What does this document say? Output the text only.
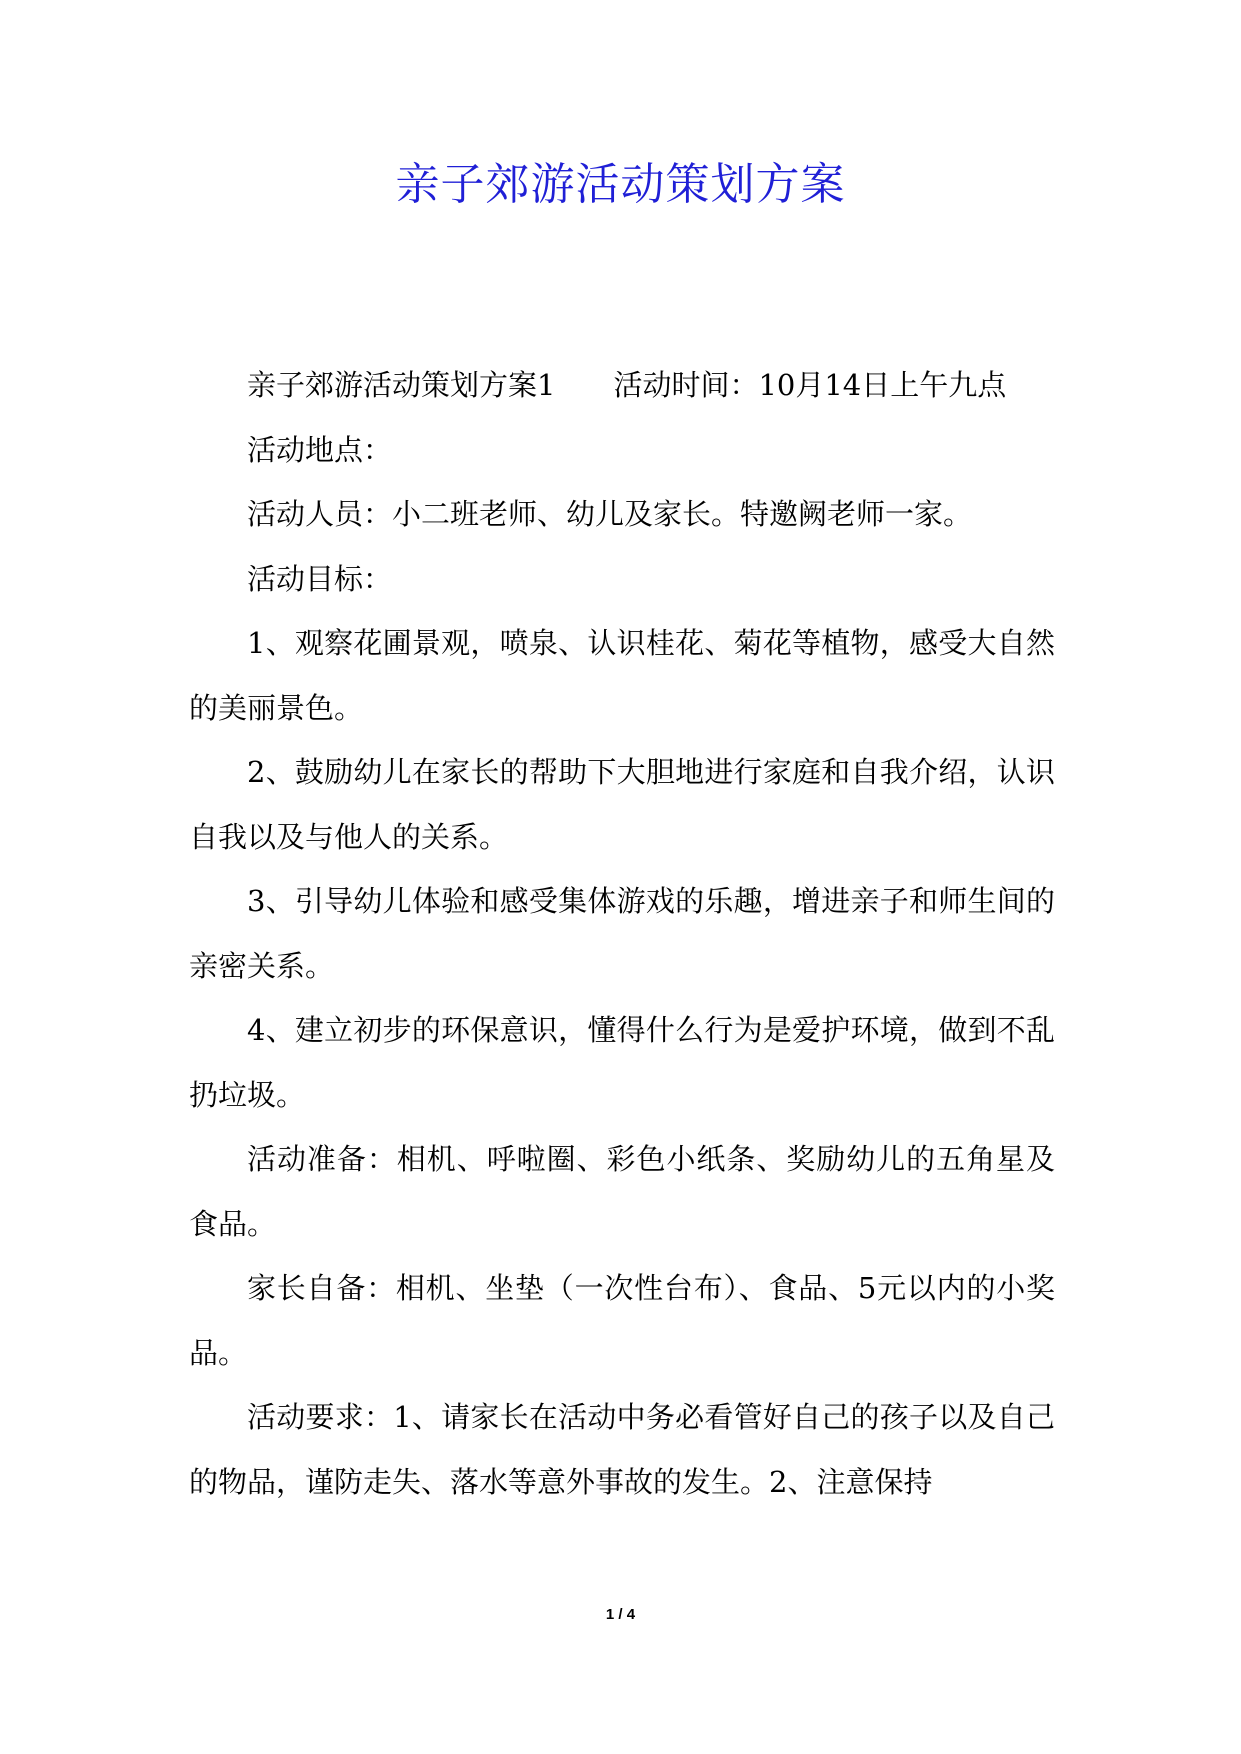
亲子郊游活动策划方案

亲子郊游活动策划方案1　　活动时间：10月14日上午九点

活动地点：

活动人员：小二班老师、幼儿及家长。特邀阙老师一家。

活动目标：

1、观察花圃景观，喷泉、认识桂花、菊花等植物，感受大自然的美丽景色。

2、鼓励幼儿在家长的帮助下大胆地进行家庭和自我介绍，认识自我以及与他人的关系。

3、引导幼儿体验和感受集体游戏的乐趣，增进亲子和师生间的亲密关系。

4、建立初步的环保意识，懂得什么行为是爱护环境，做到不乱扔垃圾。

活动准备：相机、呼啦圈、彩色小纸条、奖励幼儿的五角星及食品。

家长自备：相机、坐垫（一次性台布）、食品、5元以内的小奖品。

活动要求：1、请家长在活动中务必看管好自己的孩子以及自己的物品，谨防走失、落水等意外事故的发生。2、注意保持

1 / 4
